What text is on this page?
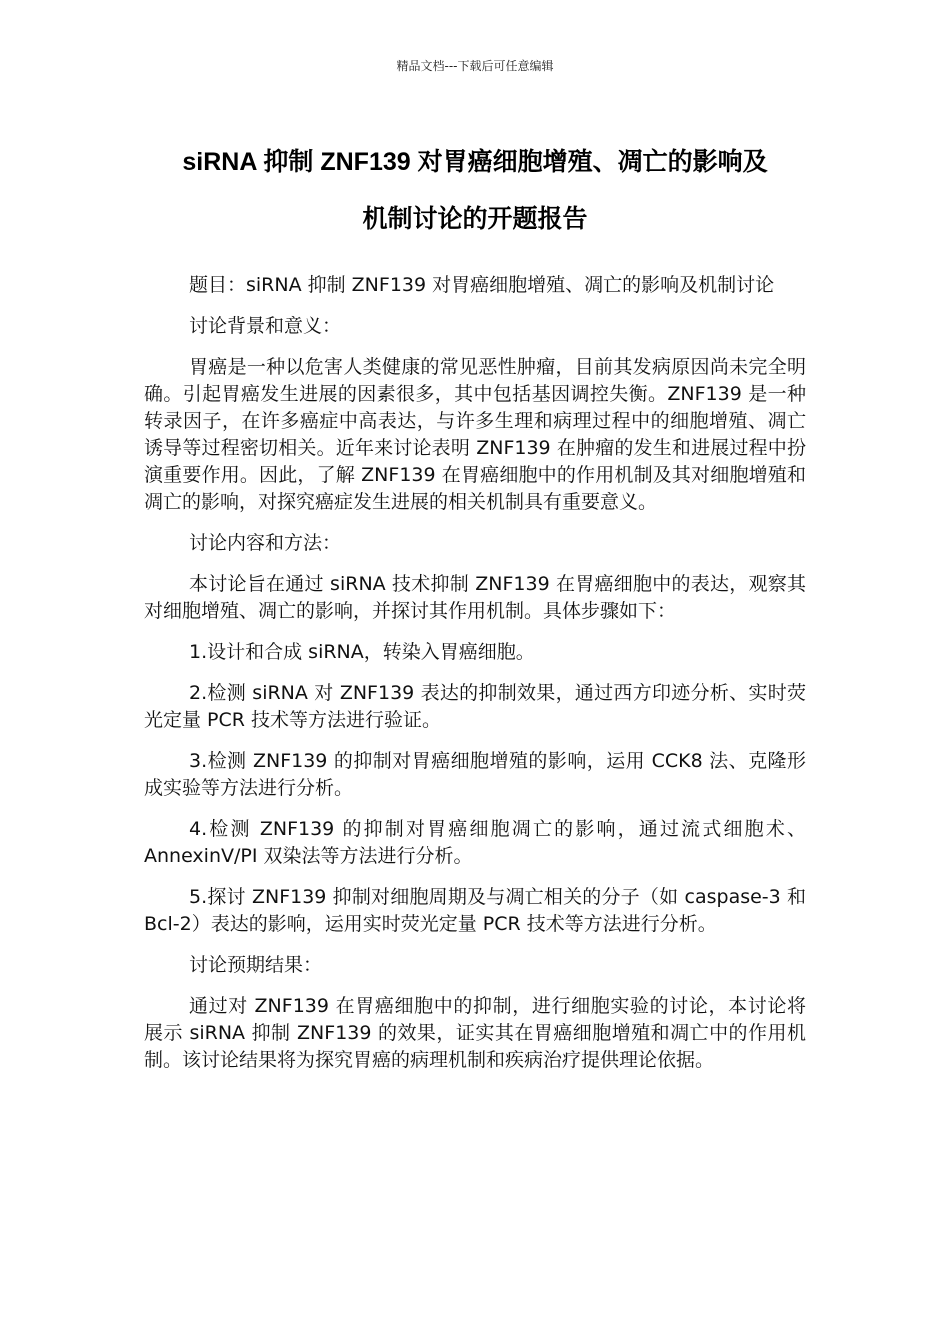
精品文档---下载后可任意编辑
siRNA 抑制 ZNF139 对胃癌细胞增殖、凋亡的影响及
机制讨论的开题报告

题目：siRNA 抑制 ZNF139 对胃癌细胞增殖、凋亡的影响及机制讨论

讨论背景和意义：

胃癌是一种以危害人类健康的常见恶性肿瘤，目前其发病原因尚未完全明确。引起胃癌发生进展的因素很多，其中包括基因调控失衡。ZNF139 是一种转录因子，在许多癌症中高表达，与许多生理和病理过程中的细胞增殖、凋亡诱导等过程密切相关。近年来讨论表明 ZNF139 在肿瘤的发生和进展过程中扮演重要作用。因此，了解 ZNF139 在胃癌细胞中的作用机制及其对细胞增殖和凋亡的影响，对探究癌症发生进展的相关机制具有重要意义。

讨论内容和方法：

本讨论旨在通过 siRNA 技术抑制 ZNF139 在胃癌细胞中的表达，观察其对细胞增殖、凋亡的影响，并探讨其作用机制。具体步骤如下：

1.设计和合成 siRNA，转染入胃癌细胞。

2.检测 siRNA 对 ZNF139 表达的抑制效果，通过西方印迹分析、实时荧光定量 PCR 技术等方法进行验证。

3.检测 ZNF139 的抑制对胃癌细胞增殖的影响，运用 CCK8 法、克隆形成实验等方法进行分析。

4.检测 ZNF139 的抑制对胃癌细胞凋亡的影响，通过流式细胞术、AnnexinV/PI 双染法等方法进行分析。

5.探讨 ZNF139 抑制对细胞周期及与凋亡相关的分子（如 caspase-3 和 Bcl-2）表达的影响，运用实时荧光定量 PCR 技术等方法进行分析。

讨论预期结果：

通过对 ZNF139 在胃癌细胞中的抑制，进行细胞实验的讨论，本讨论将展示 siRNA 抑制 ZNF139 的效果，证实其在胃癌细胞增殖和凋亡中的作用机制。该讨论结果将为探究胃癌的病理机制和疾病治疗提供理论依据。
